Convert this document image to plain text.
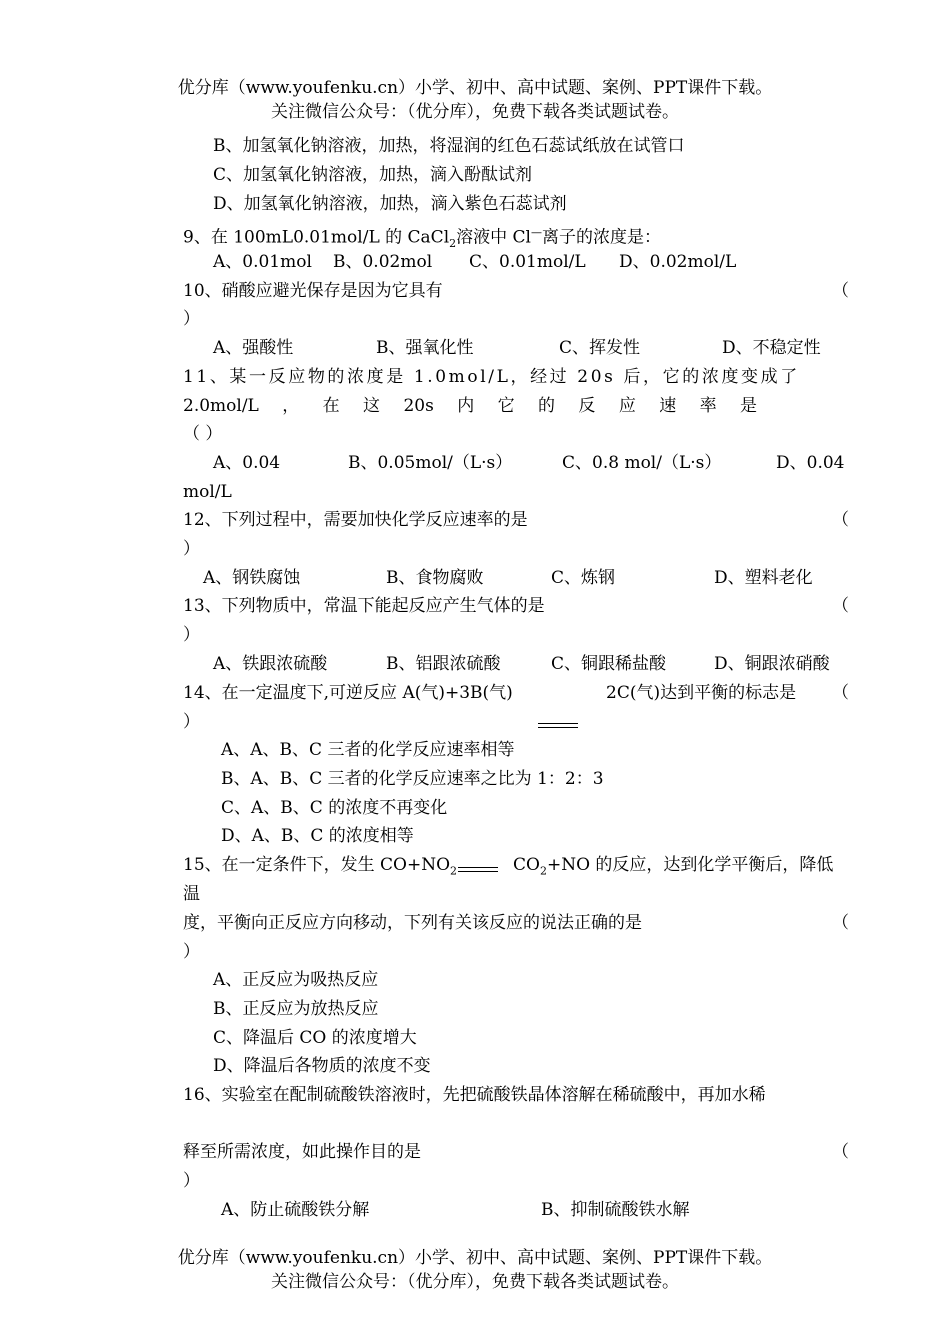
优分库（www.youfenku.cn）小学、初中、高中试题、案例、PPT课件下载。
关注微信公众号：（优分库），免费下载各类试题试卷。
B、加氢氧化钠溶液，加热，将湿润的红色石蕊试纸放在试管口
C、加氢氧化钠溶液，加热，滴入酚酞试剂
D、加氢氧化钠溶液，加热，滴入紫色石蕊试剂
9、在 100mL0.01mol/L 的 CaCl$_2$溶液中 Cl—离子的浓度是：
A、0.01mol B、0.02mol C、0.01mol/L D、0.02mol/L
10、硝酸应避光保存是因为它具有	（
）
A、强酸性	B、强氧化性	C、挥发性	D、不稳定性
11、某一反应物的浓度是 1.0mol/L，经过 20s 后，它的浓度变成了
2.0mol/L ， 在 这 20s 内 它 的 反 应 速 率 是
（ ）
A、0.04	B、0.05mol/（L·s）	C、0.8 mol/（L·s）	D、0.04
mol/L
12、下列过程中，需要加快化学反应速率的是	（
）
A、钢铁腐蚀	B、食物腐败	C、炼钢	D、塑料老化
13、下列物质中，常温下能起反应产生气体的是	（
）
A、铁跟浓硫酸	B、铝跟浓硫酸	C、铜跟稀盐酸	D、铜跟浓硝酸
14、在一定温度下,可逆反应 A(气)+3B(气)	2C(气)达到平衡的标志是 （
）
A、A、B、C 三者的化学反应速率相等
B、A、B、C 三者的化学反应速率之比为 1：2：3
C、A、B、C 的浓度不再变化
D、A、B、C 的浓度相等
15、在一定条件下，发生 $CO+NO_2$	$CO_2+NO$ 的反应，达到化学平衡后，降低
温
度，平衡向正反应方向移动，下列有关该反应的说法正确的是	（
）
A、正反应为吸热反应
B、正反应为放热反应
C、降温后 CO 的浓度增大
D、降温后各物质的浓度不变
16、实验室在配制硫酸铁溶液时，先把硫酸铁晶体溶解在稀硫酸中，再加水稀
释至所需浓度，如此操作目的是	（
）
A、防止硫酸铁分解	B、抑制硫酸铁水解
优分库（www.youfenku.cn）小学、初中、高中试题、案例、PPT课件下载。
关注微信公众号：（优分库），免费下载各类试题试卷。
